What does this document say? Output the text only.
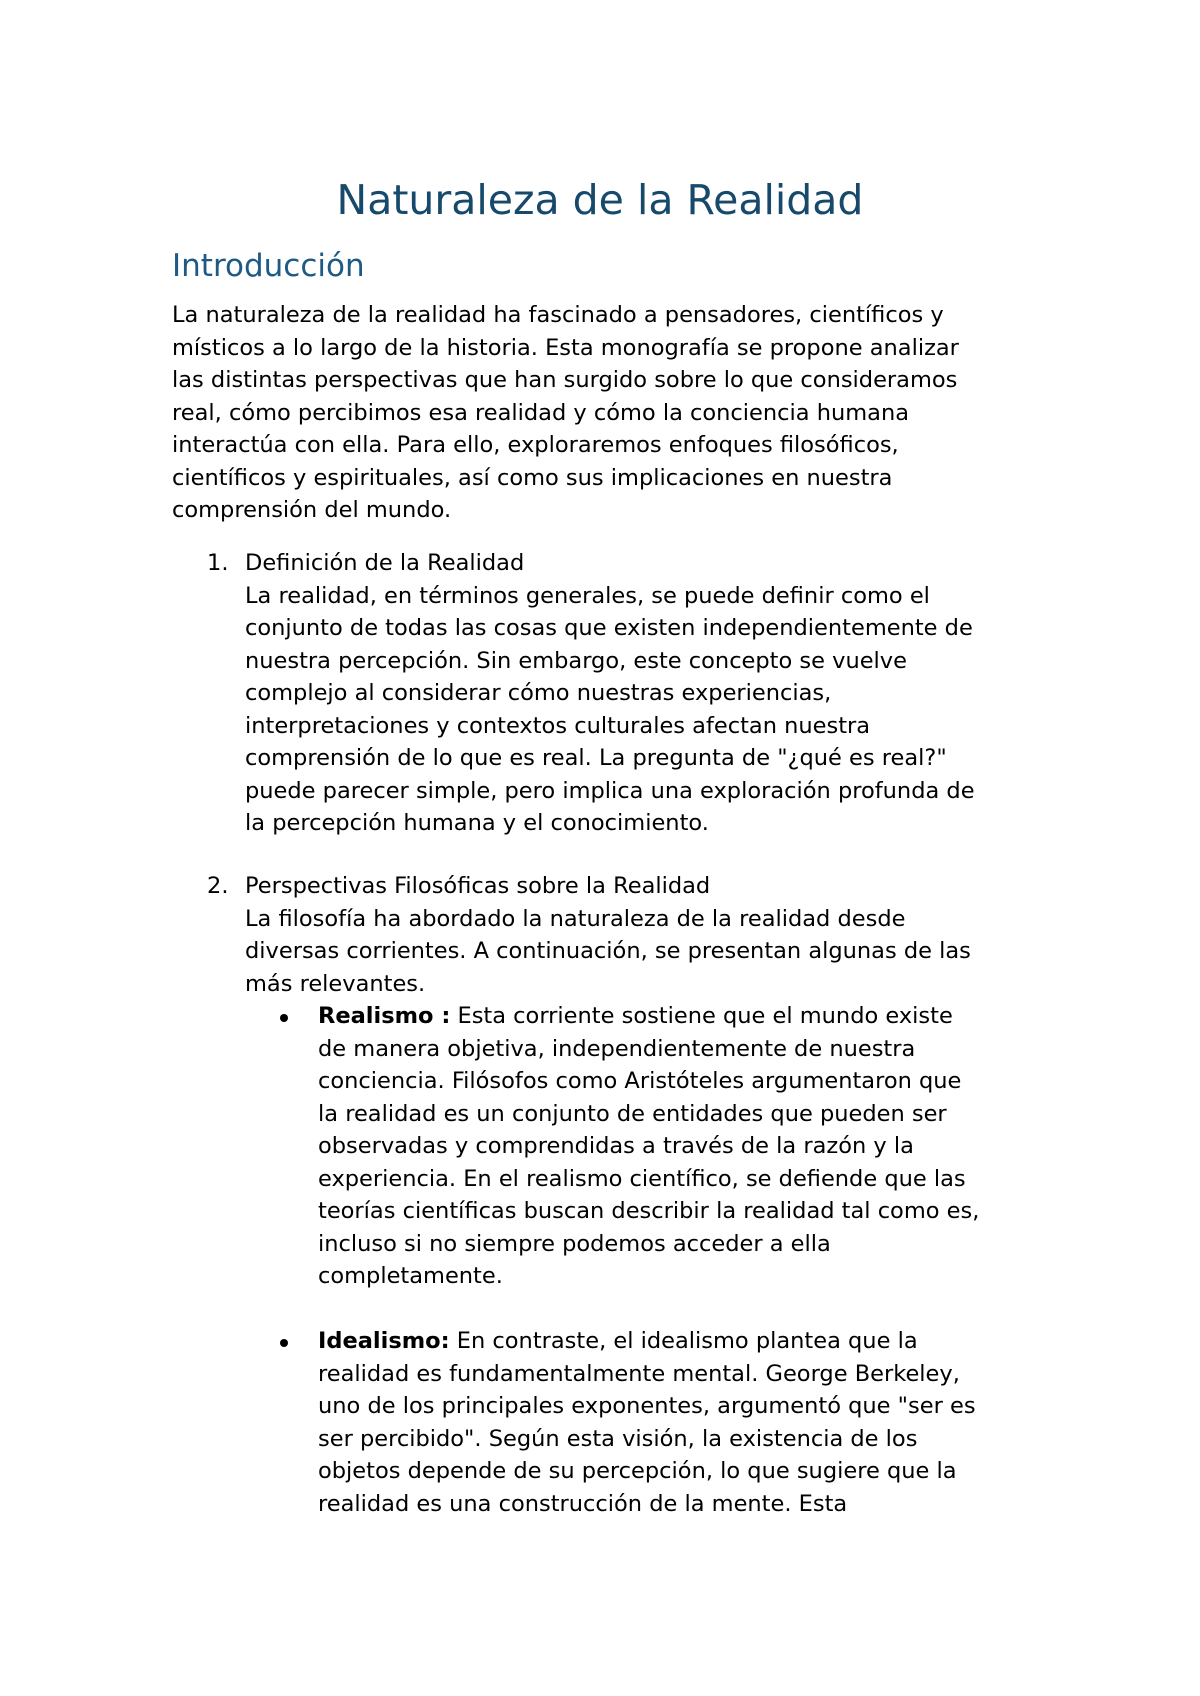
Naturaleza de la Realidad
Introducción
La naturaleza de la realidad ha fascinado a pensadores, científicos y
místicos a lo largo de la historia. Esta monografía se propone analizar
las distintas perspectivas que han surgido sobre lo que consideramos
real, cómo percibimos esa realidad y cómo la conciencia humana
interactúa con ella. Para ello, exploraremos enfoques filosóficos,
científicos y espirituales, así como sus implicaciones en nuestra
comprensión del mundo.
1. Definición de la Realidad
La realidad, en términos generales, se puede definir como el
conjunto de todas las cosas que existen independientemente de
nuestra percepción. Sin embargo, este concepto se vuelve
complejo al considerar cómo nuestras experiencias,
interpretaciones y contextos culturales afectan nuestra
comprensión de lo que es real. La pregunta de "¿qué es real?"
puede parecer simple, pero implica una exploración profunda de
la percepción humana y el conocimiento.
2. Perspectivas Filosóficas sobre la Realidad
La filosofía ha abordado la naturaleza de la realidad desde
diversas corrientes. A continuación, se presentan algunas de las
más relevantes.

Realismo : Esta corriente sostiene que el mundo existe

de manera objetiva, independientemente de nuestra
conciencia. Filósofos como Aristóteles argumentaron que
la realidad es un conjunto de entidades que pueden ser
observadas y comprendidas a través de la razón y la
experiencia. En el realismo científico, se defiende que las
teorías científicas buscan describir la realidad tal como es,
incluso si no siempre podemos acceder a ella
completamente.

Idealismo: En contraste, el idealismo plantea que la

realidad es fundamentalmente mental. George Berkeley,
uno de los principales exponentes, argumentó que "ser es
ser percibido". Según esta visión, la existencia de los
objetos depende de su percepción, lo que sugiere que la
realidad es una construcción de la mente. Esta
